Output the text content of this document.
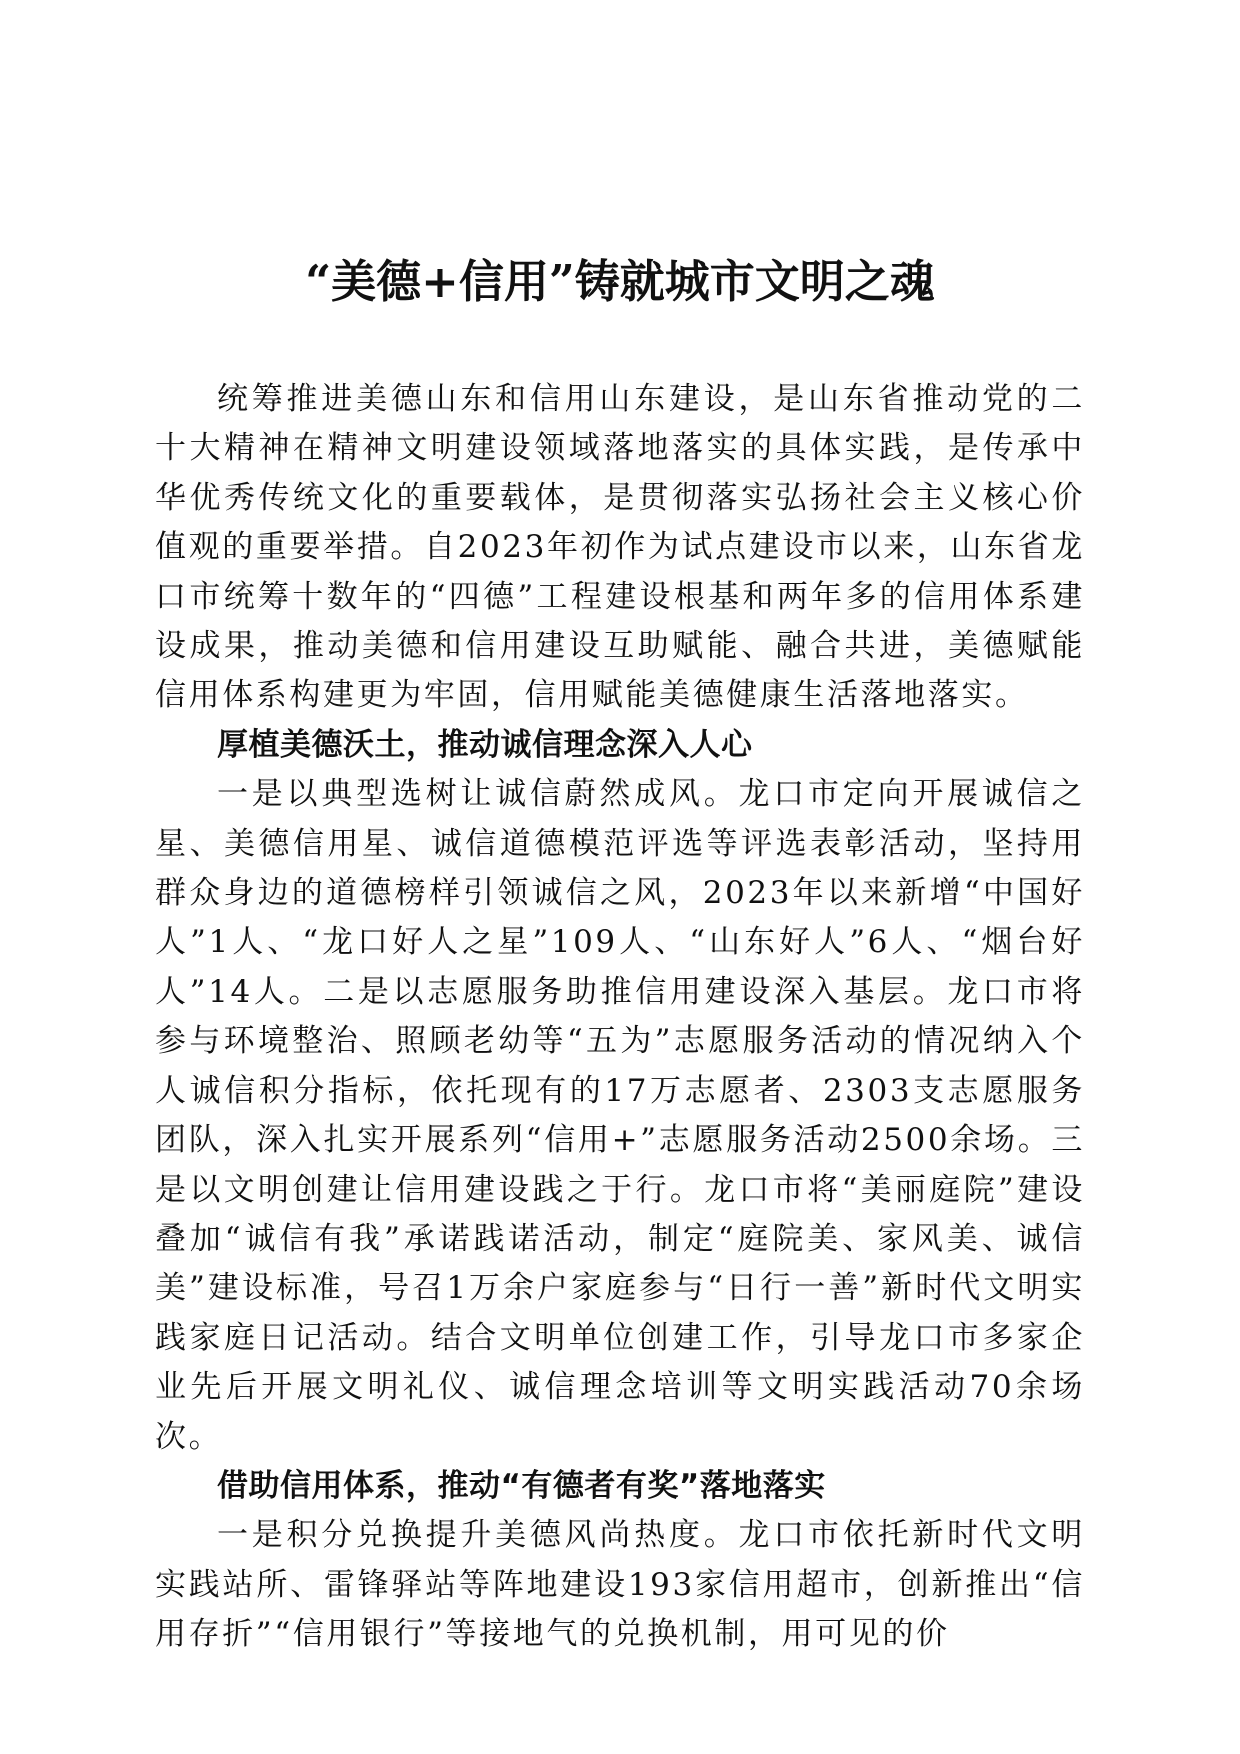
“美德+信用”铸就城市文明之魂

统筹推进美德山东和信用山东建设，是山东省推动党的二十大精神在精神文明建设领域落地落实的具体实践，是传承中华优秀传统文化的重要载体，是贯彻落实弘扬社会主义核心价值观的重要举措。自2023年初作为试点建设市以来，山东省龙口市统筹十数年的“四德”工程建设根基和两年多的信用体系建设成果，推动美德和信用建设互助赋能、融合共进，美德赋能信用体系构建更为牢固，信用赋能美德健康生活落地落实。

厚植美德沃土，推动诚信理念深入人心

一是以典型选树让诚信蔚然成风。龙口市定向开展诚信之星、美德信用星、诚信道德模范评选等评选表彰活动，坚持用群众身边的道德榜样引领诚信之风，2023年以来新增“中国好人”1人、“龙口好人之星”109人、“山东好人”6人、“烟台好人”14人。二是以志愿服务助推信用建设深入基层。龙口市将参与环境整治、照顾老幼等“五为”志愿服务活动的情况纳入个人诚信积分指标，依托现有的17万志愿者、2303支志愿服务团队，深入扎实开展系列“信用+”志愿服务活动2500余场。三是以文明创建让信用建设践之于行。龙口市将“美丽庭院”建设叠加“诚信有我”承诺践诺活动，制定“庭院美、家风美、诚信美”建设标准，号召1万余户家庭参与“日行一善”新时代文明实践家庭日记活动。结合文明单位创建工作，引导龙口市多家企业先后开展文明礼仪、诚信理念培训等文明实践活动70余场次。

借助信用体系，推动“有德者有奖”落地落实

一是积分兑换提升美德风尚热度。龙口市依托新时代文明实践站所、雷锋驿站等阵地建设193家信用超市，创新推出“信用存折”“信用银行”等接地气的兑换机制，用可见的价
